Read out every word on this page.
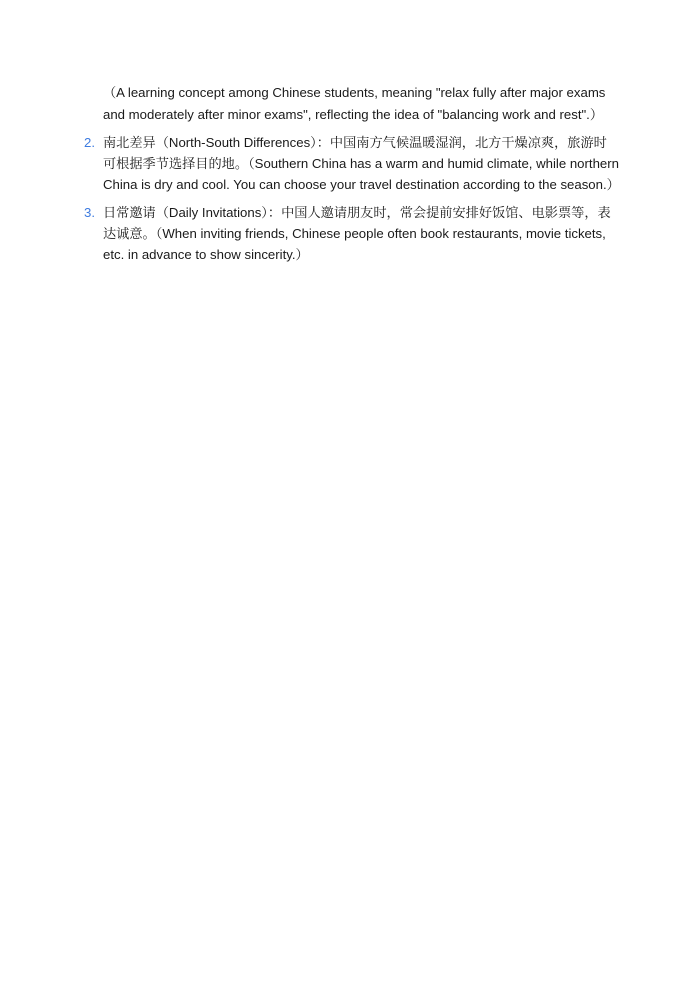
（A learning concept among Chinese students, meaning "relax fully after major exams
and moderately after minor exams", reflecting the idea of "balancing work and rest".）
2. 南北差异（North-South Differences）：中国南方气候温暖湿润，北方干燥凉爽，旅游时
可根据季节选择目的地。（Southern China has a warm and humid climate, while northern
China is dry and cool. You can choose your travel destination according to the season.）
3. 日常邀请（Daily Invitations）：中国人邀请朋友时，常会提前安排好饭馆、电影票等，表
达诚意。（When inviting friends, Chinese people often book restaurants, movie tickets,
etc. in advance to show sincerity.）
